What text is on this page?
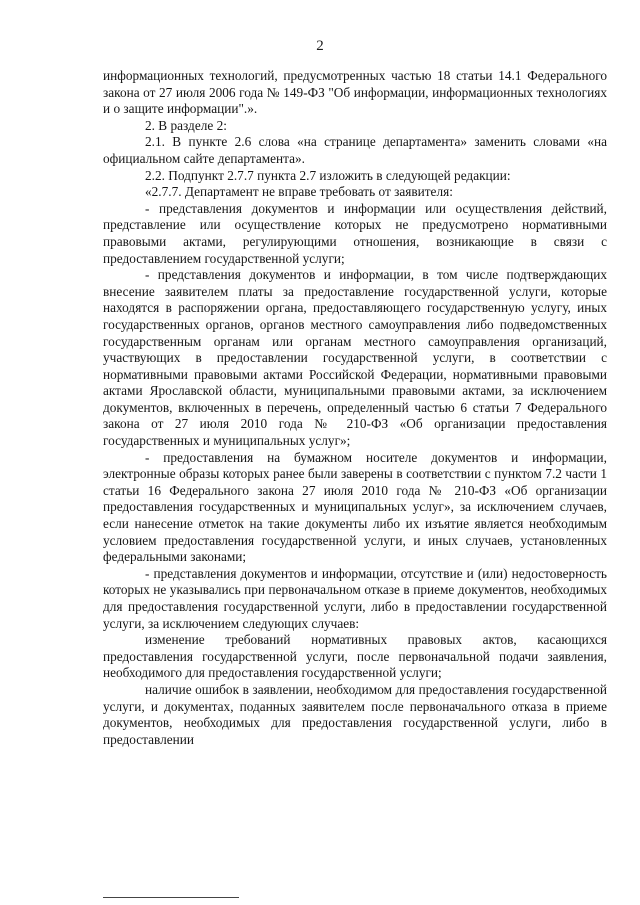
2

информационных технологий, предусмотренных частью 18 статьи 14.1 Федерального закона от 27 июля 2006 года № 149-ФЗ "Об информации, информационных технологиях и о защите информации".».

2. В разделе 2:

2.1. В пункте 2.6 слова «на странице департамента» заменить словами «на официальном сайте департамента».

2.2. Подпункт 2.7.7 пункта 2.7 изложить в следующей редакции:

«2.7.7. Департамент не вправе требовать от заявителя:

- представления документов и информации или осуществления действий, представление или осуществление которых не предусмотрено нормативными правовыми актами, регулирующими отношения, возникающие в связи с предоставлением государственной услуги;

- представления документов и информации, в том числе подтверждающих внесение заявителем платы за предоставление государственной услуги, которые находятся в распоряжении органа, предоставляющего государственную услугу, иных государственных органов, органов местного самоуправления либо подведомственных государственным органам или органам местного самоуправления организаций, участвующих в предоставлении государственной услуги, в соответствии с нормативными правовыми актами Российской Федерации, нормативными правовыми актами Ярославской области, муниципальными правовыми актами, за исключением документов, включенных в перечень, определенный частью 6 статьи 7 Федерального закона от 27 июля 2010 года № 210-ФЗ «Об организации предоставления государственных и муниципальных услуг»;

- предоставления на бумажном носителе документов и информации, электронные образы которых ранее были заверены в соответствии с пунктом 7.2 части 1 статьи 16 Федерального закона 27 июля 2010 года № 210-ФЗ «Об организации предоставления государственных и муниципальных услуг», за исключением случаев, если нанесение отметок на такие документы либо их изъятие является необходимым условием предоставления государственной услуги, и иных случаев, установленных федеральными законами;

- представления документов и информации, отсутствие и (или) недостоверность которых не указывались при первоначальном отказе в приеме документов, необходимых для предоставления государственной услуги, либо в предоставлении государственной услуги, за исключением следующих случаев:

изменение требований нормативных правовых актов, касающихся предоставления государственной услуги, после первоначальной подачи заявления, необходимого для предоставления государственной услуги;

наличие ошибок в заявлении, необходимом для предоставления государственной услуги, и документах, поданных заявителем после первоначального отказа в приеме документов, необходимых для предоставления государственной услуги, либо в предоставлении
